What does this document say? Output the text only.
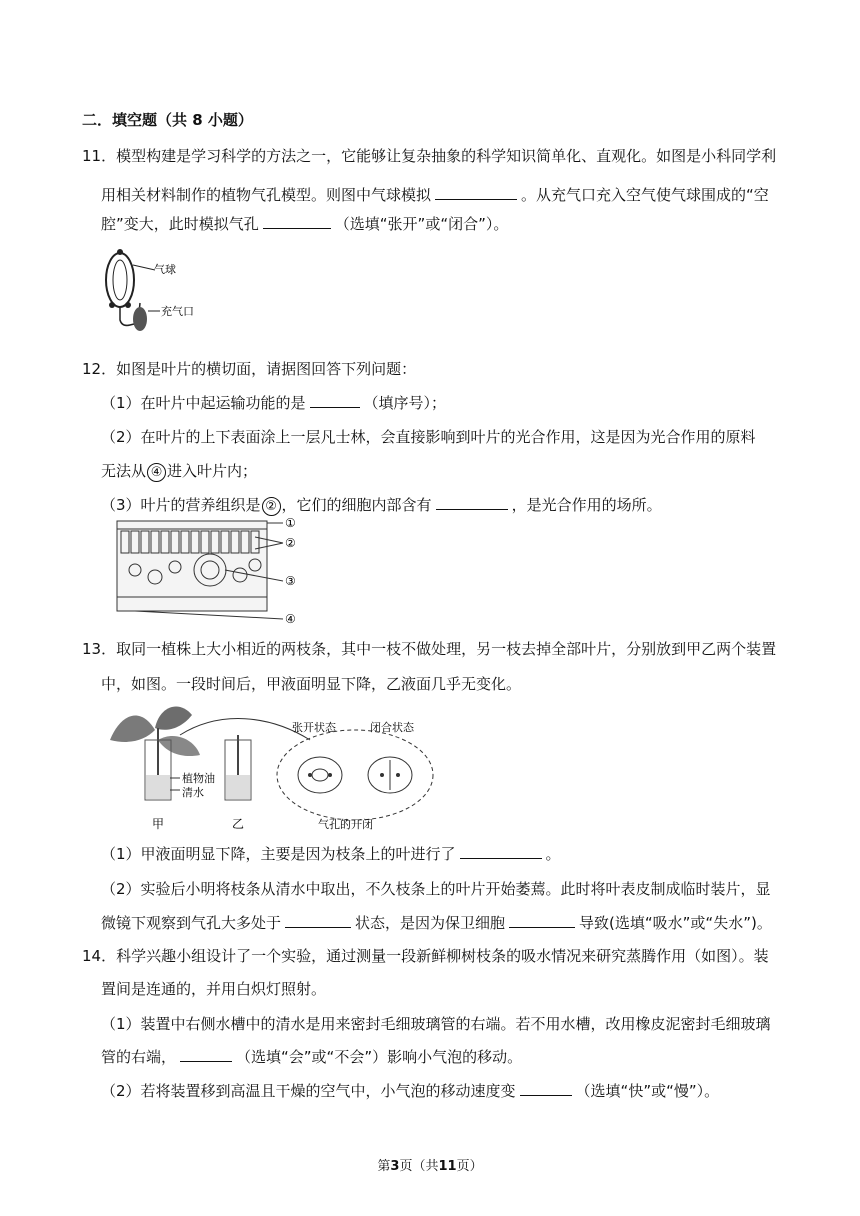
二．填空题（共 8 小题）
11．模型构建是学习科学的方法之一，它能够让复杂抽象的科学知识简单化、直观化。如图是小科同学利
用相关材料制作的植物气孔模型。则图中气球模拟	。从充气口充入空气使气球围成的“空
腔”变大，此时模拟气孔	（选填“张开”或“闭合”）。
气球
充气口
12．如图是叶片的横切面，请据图回答下列问题：
（1）在叶片中起运输功能的是	（填序号）；
（2）在叶片的上下表面涂上一层凡士林，会直接影响到叶片的光合作用，这是因为光合作用的原料
无法从 ④ 进入叶片内；
（3）叶片的营养组织是 ② ，它们的细胞内部含有	，是光合作用的场所。
①
②
③
④
13．取同一植株上大小相近的两枝条，其中一枝不做处理，另一枝去掉全部叶片，分别放到甲乙两个装置
中，如图。一段时间后，甲液面明显下降，乙液面几乎无变化。
植物油
清水
甲	乙
张开状态	闭合状态
气孔的开闭
（1）甲液面明显下降，主要是因为枝条上的叶进行了	。
（2）实验后小明将枝条从清水中取出，不久枝条上的叶片开始萎蔫。此时将叶表皮制成临时装片，显
微镜下观察到气孔大多处于	状态，是因为保卫细胞	导致(选填“吸水”或“失水”)。
14．科学兴趣小组设计了一个实验，通过测量一段新鲜柳树枝条的吸水情况来研究蒸腾作用（如图）。装
置间是连通的，并用白炽灯照射。
（1）装置中右侧水槽中的清水是用来密封毛细玻璃管的右端。若不用水槽，改用橡皮泥密封毛细玻璃
管的右端，	（选填“会”或“不会”）影响小气泡的移动。
（2）若将装置移到高温且干燥的空气中，小气泡的移动速度变	（选填“快”或“慢”）。
第3页（共11页）
